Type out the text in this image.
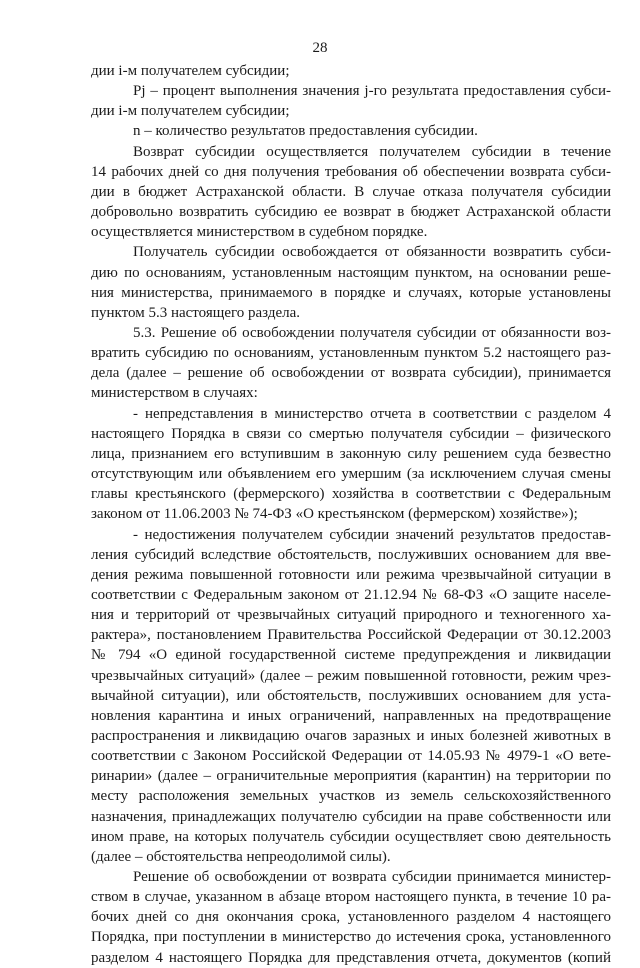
28
дии i-м получателем субсидии;
Pj – процент выполнения значения j-го результата предоставления субси-
дии i-м получателем субсидии;
n – количество результатов предоставления субсидии.
Возврат субсидии осуществляется получателем субсидии в течение
14 рабочих дней со дня получения требования об обеспечении возврата субси-
дии в бюджет Астраханской области. В случае отказа получателя субсидии
добровольно возвратить субсидию ее возврат в бюджет Астраханской области
осуществляется министерством в судебном порядке.
Получатель субсидии освобождается от обязанности возвратить субси-
дию по основаниям, установленным настоящим пунктом, на основании реше-
ния министерства, принимаемого в порядке и случаях, которые установлены
пунктом 5.3 настоящего раздела.
5.3. Решение об освобождении получателя субсидии от обязанности воз-
вратить субсидию по основаниям, установленным пунктом 5.2 настоящего раз-
дела (далее – решение об освобождении от возврата субсидии), принимается
министерством в случаях:
- непредставления в министерство отчета в соответствии с разделом 4
настоящего Порядка в связи со смертью получателя субсидии – физического
лица, признанием его вступившим в законную силу решением суда безвестно
отсутствующим или объявлением его умершим (за исключением случая смены
главы крестьянского (фермерского) хозяйства в соответствии с Федеральным
законом от 11.06.2003 № 74-ФЗ «О крестьянском (фермерском) хозяйстве»);
- недостижения получателем субсидии значений результатов предостав-
ления субсидий вследствие обстоятельств, послуживших основанием для вве-
дения режима повышенной готовности или режима чрезвычайной ситуации в
соответствии с Федеральным законом от 21.12.94 № 68-ФЗ «О защите населе-
ния и территорий от чрезвычайных ситуаций природного и техногенного ха-
рактера», постановлением Правительства Российской Федерации от 30.12.2003
№ 794 «О единой государственной системе предупреждения и ликвидации
чрезвычайных ситуаций» (далее – режим повышенной готовности, режим чрез-
вычайной ситуации), или обстоятельств, послуживших основанием для уста-
новления карантина и иных ограничений, направленных на предотвращение
распространения и ликвидацию очагов заразных и иных болезней животных в
соответствии с Законом Российской Федерации от 14.05.93 № 4979-1 «О вете-
ринарии» (далее – ограничительные мероприятия (карантин) на территории по
месту расположения земельных участков из земель сельскохозяйственного
назначения, принадлежащих получателю субсидии на праве собственности или
ином праве, на которых получатель субсидии осуществляет свою деятельность
(далее – обстоятельства непреодолимой силы).
Решение об освобождении от возврата субсидии принимается министер-
ством в случае, указанном в абзаце втором настоящего пункта, в течение 10 ра-
бочих дней со дня окончания срока, установленного разделом 4 настоящего
Порядка, при поступлении в министерство до истечения срока, установленного
разделом 4 настоящего Порядка для представления отчета, документов (копий
